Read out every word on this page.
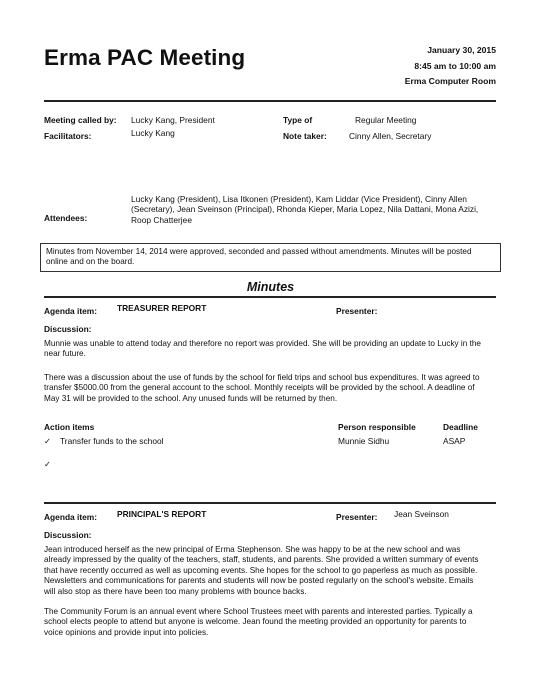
Erma PAC Meeting	January 30, 2015
8:45 am to 10:00 am
Erma Computer Room
Meeting called by: Lucky Kang, President	Type of	Regular Meeting
Facilitators:	Lucky Kang	Note taker:	Cinny Allen, Secretary
Lucky Kang (President), Lisa Itkonen (President), Kam Liddar (Vice President), Cinny Allen
(Secretary), Jean Sveinson (Principal), Rhonda Kieper, Maria Lopez, Nila Dattani, Mona Azizi,
Roop Chatterjee
Attendees:
Minutes from November 14, 2014 were approved, seconded and passed without amendments. Minutes will be posted
online and on the board.
Minutes
Agenda item: TREASURER REPORT	Presenter:
Discussion:
Munnie was unable to attend today and therefore no report was provided. She will be providing an update to Lucky in the
near future.
There was a discussion about the use of funds by the school for field trips and school bus expenditures. It was agreed to
transfer $5000.00 from the general account to the school. Monthly receipts will be provided by the school. A deadline of
May 31 will be provided to the school. Any unused funds will be returned by then.
Action items	Person responsible	Deadline
✓ Transfer funds to the school	Munnie Sidhu	ASAP
✓
Agenda item: PRINCIPAL'S REPORT	Presenter: Jean Sveinson
Discussion:
Jean introduced herself as the new principal of Erma Stephenson. She was happy to be at the new school and was
already impressed by the quality of the teachers, staff, students, and parents. She provided a written summary of events
that have recently occurred as well as upcoming events. She hopes for the school to go paperless as much as possible.
Newsletters and communications for parents and students will now be posted regularly on the school's website. Emails
will also stop as there have been too many problems with bounce backs.
The Community Forum is an annual event where School Trustees meet with parents and interested parties. Typically a
school elects people to attend but anyone is welcome. Jean found the meeting provided an opportunity for parents to
voice opinions and provide input into policies.
